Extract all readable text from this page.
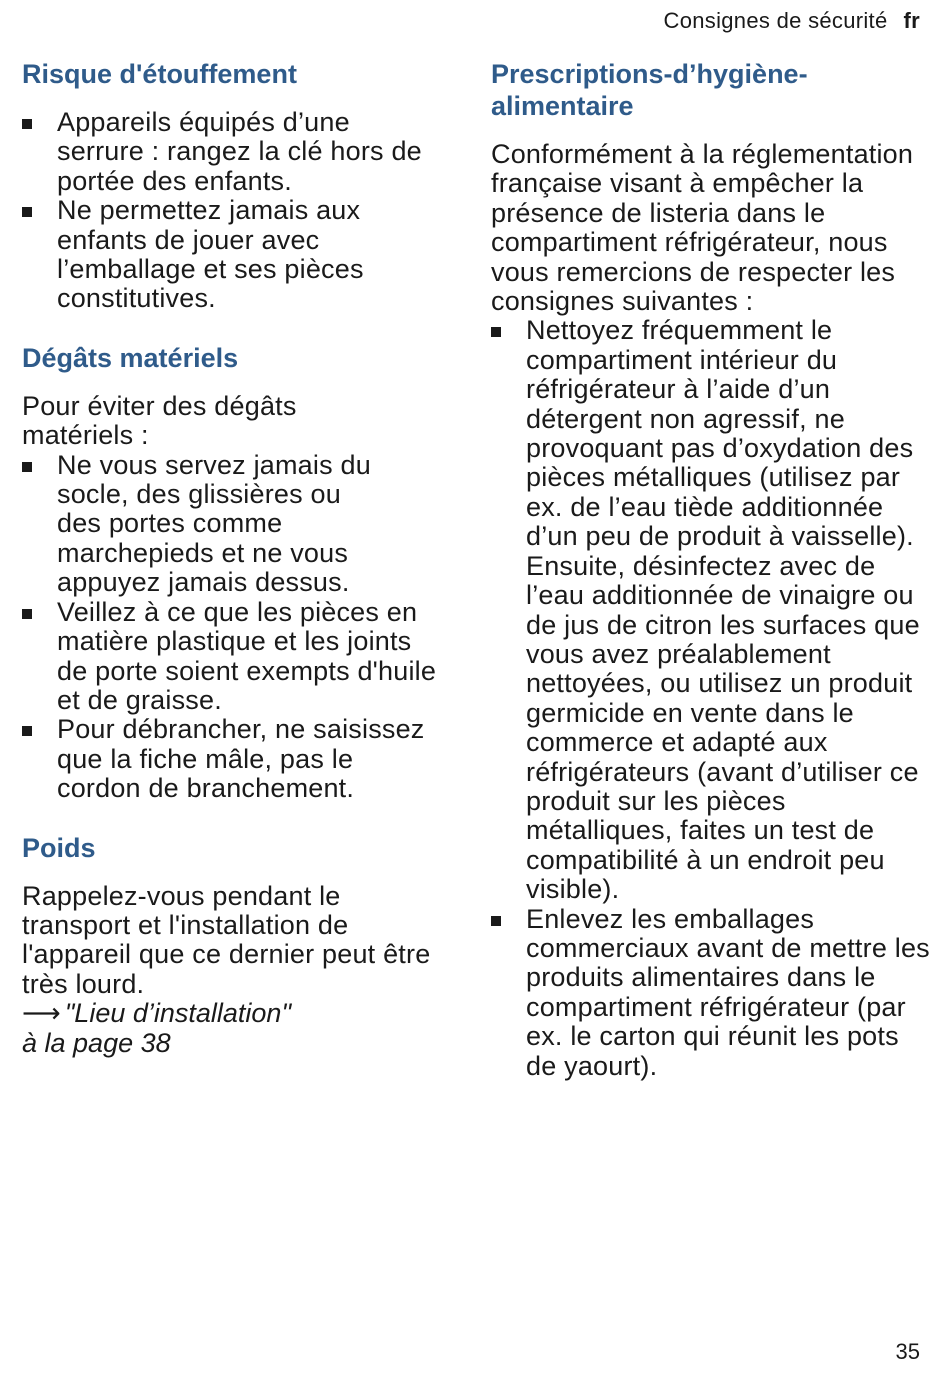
Consignes de sécurité fr
Risque d'étouffement
Appareils équipés d’une serrure : rangez la clé hors de portée des enfants.
Ne permettez jamais aux enfants de jouer avec l’emballage et ses pièces constitutives.
Dégâts matériels

Pour éviter des dégâts matériels :

Ne vous servez jamais du socle, des glissières ou des portes comme marchepieds et ne vous appuyez jamais dessus.
Veillez à ce que les pièces en matière plastique et les joints de porte soient exempts d'huile et de graisse.
Pour débrancher, ne saisissez que la fiche mâle, pas le cordon de branchement.
Poids

Rappelez-vous pendant le transport et l'installation de l'appareil que ce dernier peut être très lourd.

⟶ "Lieu d’installation"
à la page 38
Prescriptions-d’hygiène-
alimentaire

Conformément à la réglementation française visant à empêcher la présence de listeria dans le compartiment réfrigérateur, nous vous remercions de respecter les consignes suivantes :

Nettoyez fréquemment le compartiment intérieur du réfrigérateur à l’aide d’un détergent non agressif, ne provoquant pas d’oxydation des pièces métalliques (utilisez par ex. de l’eau tiède additionnée d’un peu de produit à vaisselle). Ensuite, désinfectez avec de l’eau additionnée de vinaigre ou de jus de citron les surfaces que vous avez préalablement nettoyées, ou utilisez un produit germicide en vente dans le commerce et adapté aux réfrigérateurs (avant d’utiliser ce produit sur les pièces métalliques, faites un test de compatibilité à un endroit peu visible).
Enlevez les emballages commerciaux avant de mettre les produits alimentaires dans le compartiment réfrigérateur (par ex. le carton qui réunit les pots de yaourt).
35
